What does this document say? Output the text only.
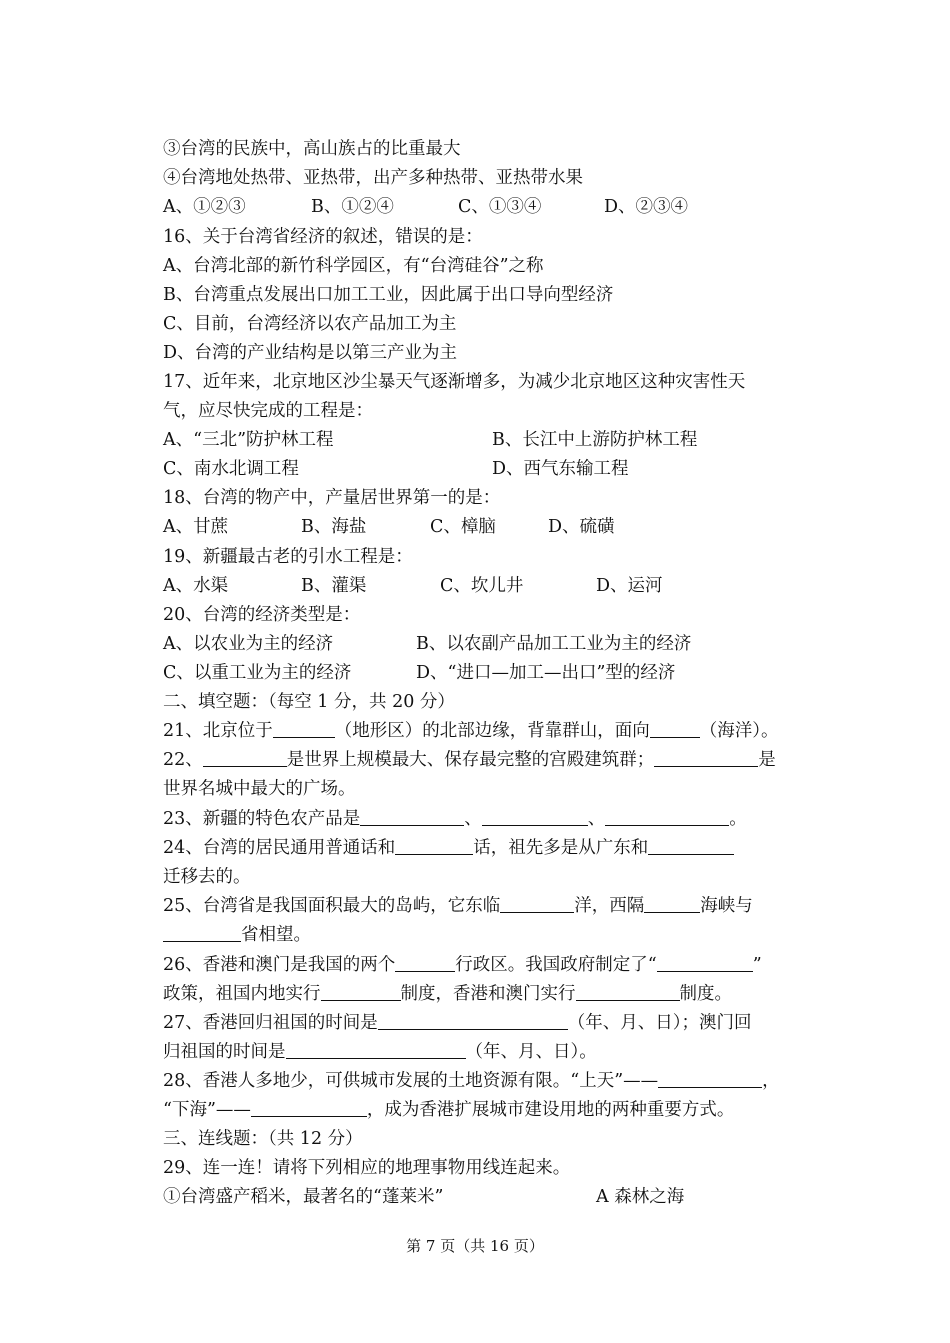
③台湾的民族中，高山族占的比重最大
④台湾地处热带、亚热带，出产多种热带、亚热带水果
A、①②③	B、①②④	C、①③④	D、②③④
16、关于台湾省经济的叙述，错误的是：
A、台湾北部的新竹科学园区，有“台湾硅谷”之称
B、台湾重点发展出口加工工业，因此属于出口导向型经济
C、目前，台湾经济以农产品加工为主
D、台湾的产业结构是以第三产业为主
17、近年来，北京地区沙尘暴天气逐渐增多，为减少北京地区这种灾害性天
气，应尽快完成的工程是：
A、“三北”防护林工程	B、长江中上游防护林工程
C、南水北调工程	D、西气东输工程
18、台湾的物产中，产量居世界第一的是：
A、甘蔗	B、海盐	C、樟脑	D、硫磺
19、新疆最古老的引水工程是：
A、水渠	B、灌渠	C、坎儿井	D、运河
20、台湾的经济类型是：
A、以农业为主的经济	B、以农副产品加工工业为主的经济
C、以重工业为主的经济	D、“进口—加工—出口”型的经济
二、填空题：（每空 1 分，共 20 分）
21、北京位于	（地形区）的北部边缘，背靠群山，面向	（海洋）。
22、	是世界上规模最大、保存最完整的宫殿建筑群；	是
世界名城中最大的广场。
23、新疆的特色农产品是	、	、	。
24、台湾的居民通用普通话和	话，祖先多是从广东和
迁移去的。
25、台湾省是我国面积最大的岛屿，它东临	洋，西隔	海峡与
省相望。
26、香港和澳门是我国的两个	行政区。我国政府制定了“	”
政策，祖国内地实行	制度，香港和澳门实行	制度。
27、香港回归祖国的时间是	（年、月、日）；澳门回
归祖国的时间是	（年、月、日）。
28、香港人多地少，可供城市发展的土地资源有限。“上天”——	，
“下海”——	，成为香港扩展城市建设用地的两种重要方式。
三、连线题：（共 12 分）
29、连一连！请将下列相应的地理事物用线连起来。
①台湾盛产稻米，最著名的“蓬莱米”	A 森林之海
第 7 页（共 16 页）
